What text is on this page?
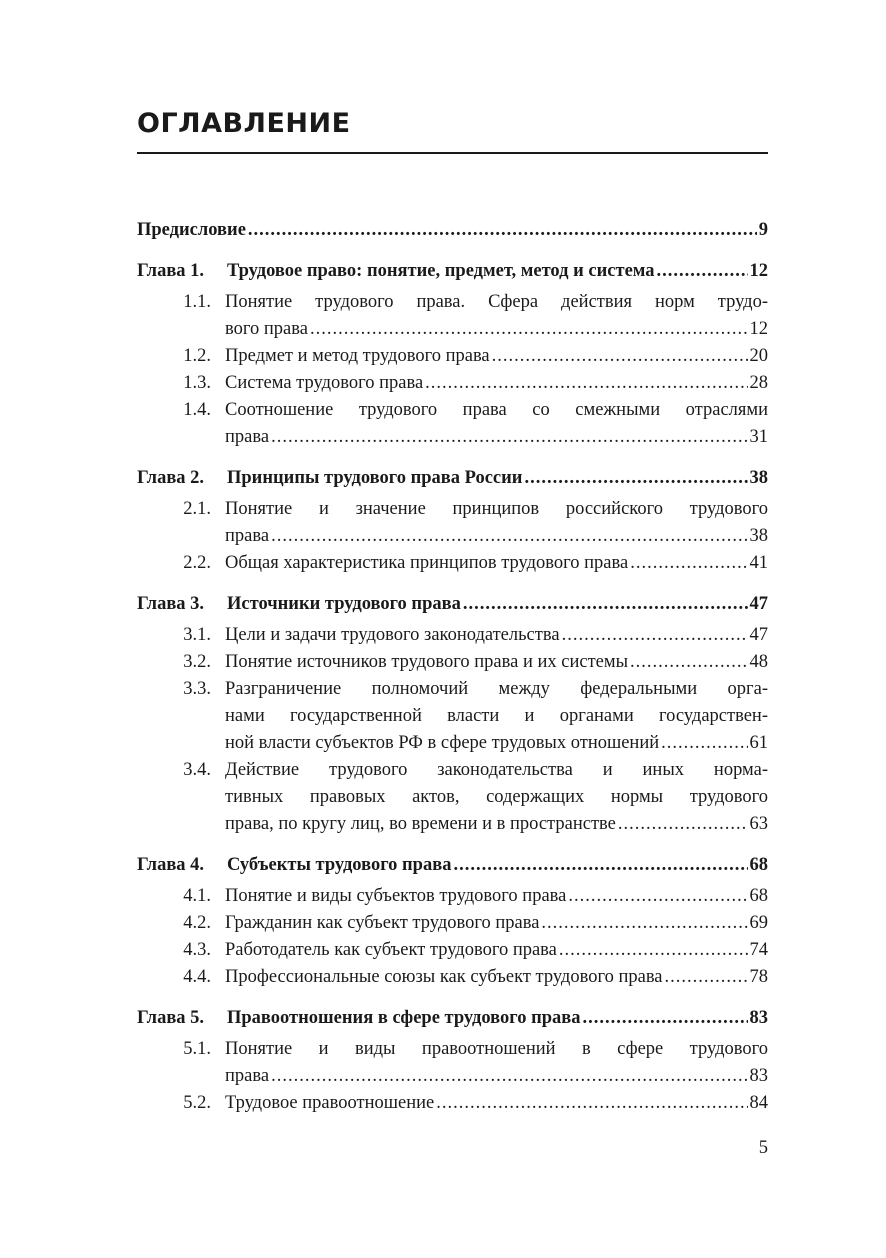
ОГЛАВЛЕНИЕ
Предисловие .....	9
Глава 1. Трудовое право: понятие, предмет, метод и система .....	12
1.1. Понятие трудового права. Сфера действия норм трудо-
вого права .....	12
1.2. Предмет и метод трудового права .....	20
1.3. Система трудового права .....	28
1.4. Соотношение трудового права со смежными отраслями
права .....	31
Глава 2. Принципы трудового права России .....	38
2.1. Понятие и значение принципов российского трудового
права .....	38
2.2. Общая характеристика принципов трудового права .....	41
Глава 3. Источники трудового права .....	47
3.1. Цели и задачи трудового законодательства .....	47
3.2. Понятие источников трудового права и их системы .....	48
3.3. Разграничение полномочий между федеральными орга-
нами государственной власти и органами государствен-
ной власти субъектов РФ в сфере трудовых отношений .....	61
3.4. Действие трудового законодательства и иных норма-
тивных правовых актов, содержащих нормы трудового
права, по кругу лиц, во времени и в пространстве .....	63
Глава 4. Субъекты трудового права .....	68
4.1. Понятие и виды субъектов трудового права .....	68
4.2. Гражданин как субъект трудового права .....	69
4.3. Работодатель как субъект трудового права .....	74
4.4. Профессиональные союзы как субъект трудового права .....	78
Глава 5. Правоотношения в сфере трудового права .....	83
5.1. Понятие и виды правоотношений в сфере трудового
права .....	83
5.2. Трудовое правоотношение .....	84
5
